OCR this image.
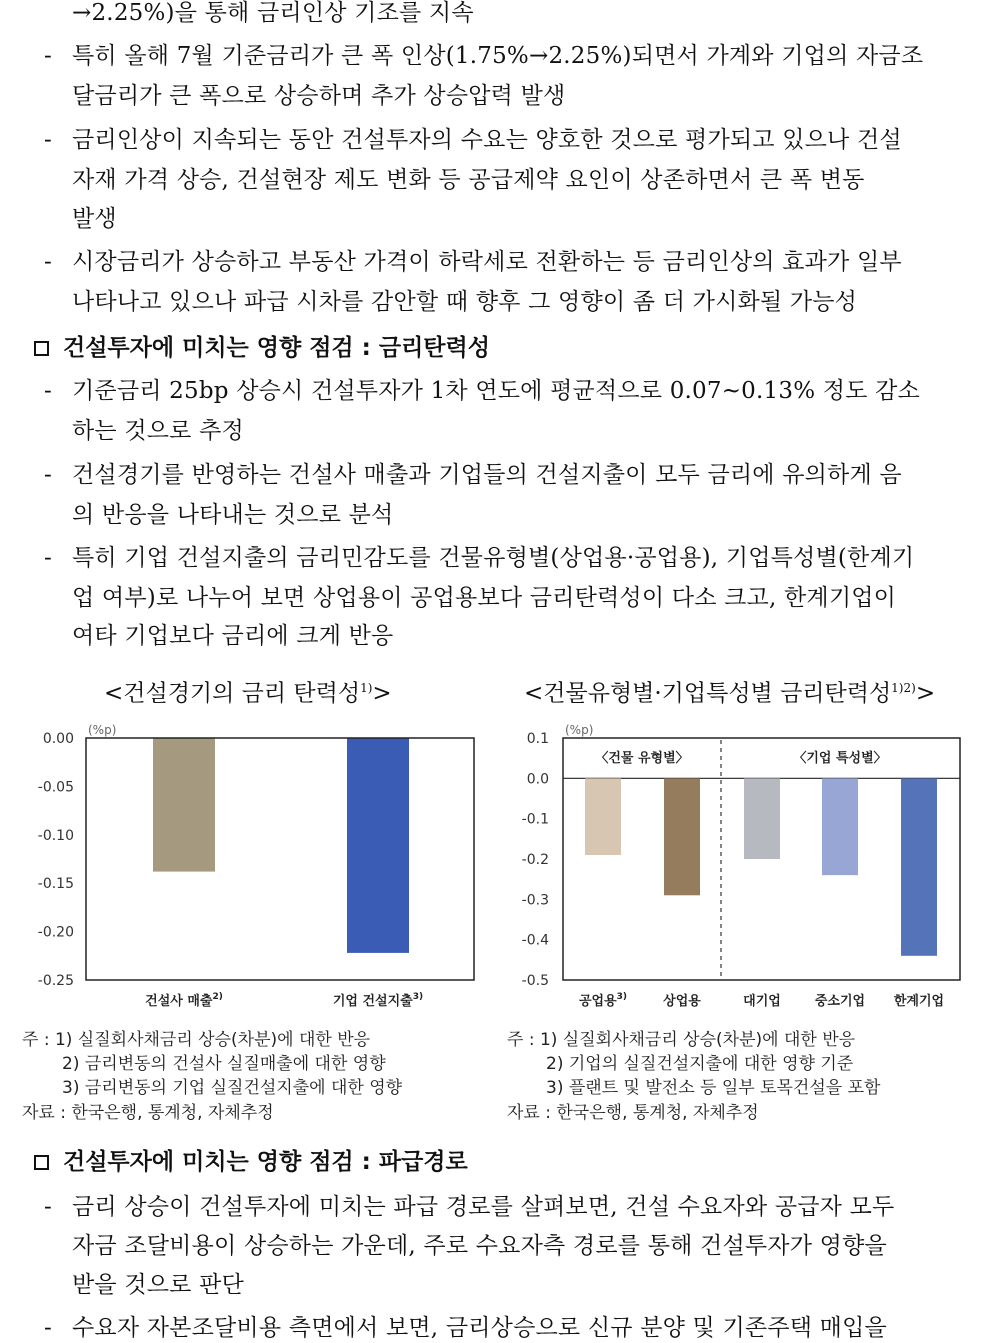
→2.25%)을 통해 금리인상 기조를 지속
- 특히 올해 7월 기준금리가 큰 폭 인상(1.75%→2.25%)되면서 가계와 기업의 자금조
달금리가 큰 폭으로 상승하며 추가 상승압력 발생
- 금리인상이 지속되는 동안 건설투자의 수요는 양호한 것으로 평가되고 있으나 건설
자재 가격 상승, 건설현장 제도 변화 등 공급제약 요인이 상존하면서 큰 폭 변동
발생
- 시장금리가 상승하고 부동산 가격이 하락세로 전환하는 등 금리인상의 효과가 일부
나타나고 있으나 파급 시차를 감안할 때 향후 그 영향이 좀 더 가시화될 가능성
건설투자에 미치는 영향 점검 : 금리탄력성
- 기준금리 25bp 상승시 건설투자가 1차 연도에 평균적으로 0.07~0.13% 정도 감소
하는 것으로 추정
- 건설경기를 반영하는 건설사 매출과 기업들의 건설지출이 모두 금리에 유의하게 음
의 반응을 나타내는 것으로 분석
- 특히 기업 건설지출의 금리민감도를 건물유형별(상업용·공업용), 기업특성별(한계기
업 여부)로 나누어 보면 상업용이 공업용보다 금리탄력성이 다소 크고, 한계기업이
여타 기업보다 금리에 크게 반응
<건설경기의 금리 탄력성$^{1)}$>	<건물유형별·기업특성별 금리탄력성$^{1)2)}$>
0.00
-0.05
-0.10
-0.15
-0.20
-0.25
(%p)
건설사 매출$^{2)}$	기업 건설지출$^{3)}$
0.1
0.0
-0.1
-0.2
-0.3
-0.4
-0.5
(%p)
공업용$^{3)}$	상업용	대기업	중소기업 한계기업
〈건물 유형별〉	〈기업 특성별〉
주 : 1) 실질회사채금리 상승(차분)에 대한 반응
2) 금리변동의 건설사 실질매출에 대한 영향
3) 금리변동의 기업 실질건설지출에 대한 영향
자료 : 한국은행, 통계청, 자체추정
주 : 1) 실질회사채금리 상승(차분)에 대한 반응
2) 기업의 실질건설지출에 대한 영향 기준
3) 플랜트 및 발전소 등 일부 토목건설을 포함
자료 : 한국은행, 통계청, 자체추정
건설투자에 미치는 영향 점검 : 파급경로
- 금리 상승이 건설투자에 미치는 파급 경로를 살펴보면, 건설 수요자와 공급자 모두
자금 조달비용이 상승하는 가운데, 주로 수요자측 경로를 통해 건설투자가 영향을
받을 것으로 판단
- 수요자 자본조달비용 측면에서 보면, 금리상승으로 신규 분양 및 기존주택 매입을
